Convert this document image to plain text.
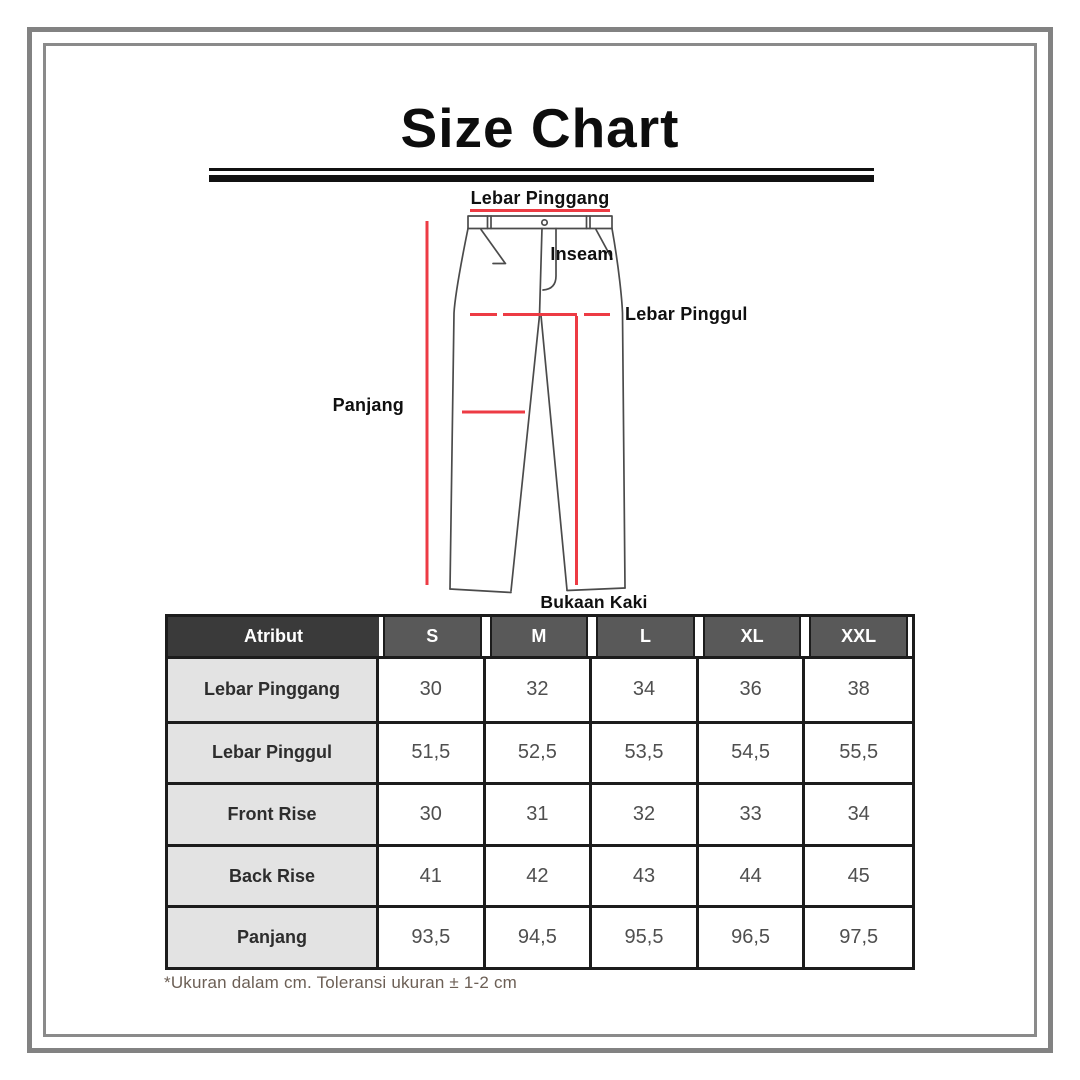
Size Chart
Lebar Pinggang
Inseam
Lebar Pinggul
Panjang
Bukaan Kaki
Atribut	S	M	L	XL	XXL
Lebar Pinggang	30	32	34	36	38
Lebar Pinggul	51,5	52,5	53,5	54,5	55,5
Front Rise	30	31	32	33	34
Back Rise	41	42	43	44	45
Panjang	93,5	94,5	95,5	96,5	97,5
*Ukuran dalam cm. Toleransi ukuran ± 1-2 cm
